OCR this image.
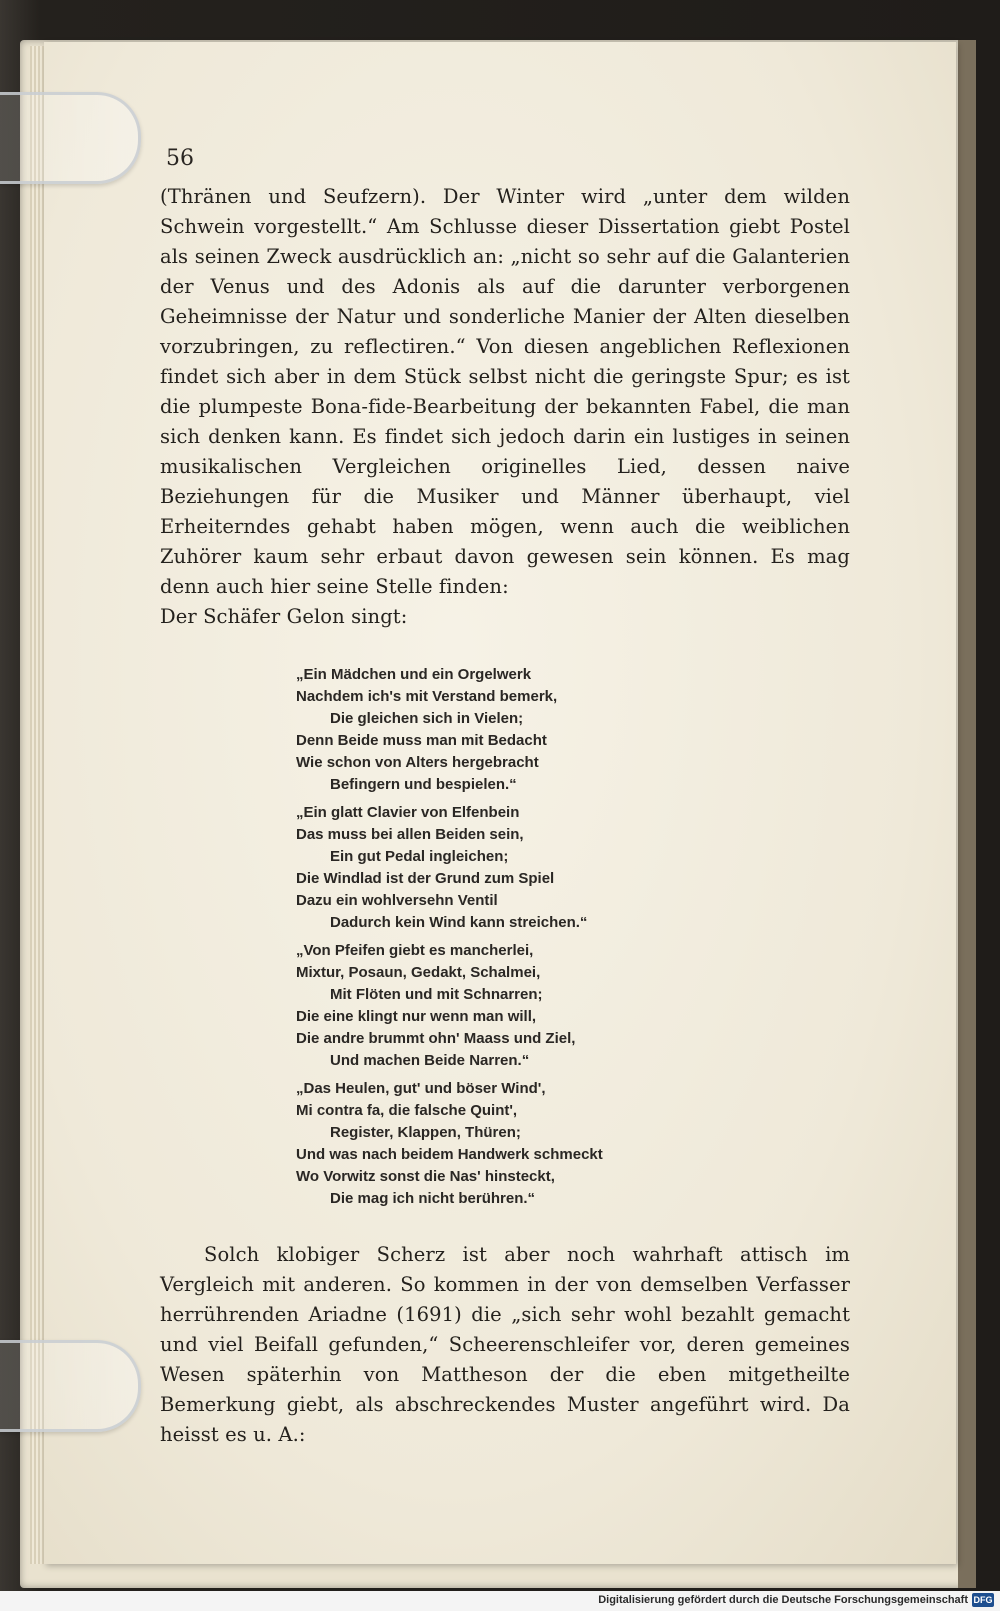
56

(Thränen und Seufzern). Der Winter wird „unter dem wilden Schwein vorgestellt.“ Am Schlusse dieser Dissertation giebt Postel als seinen Zweck ausdrücklich an: „nicht so sehr auf die Galanterien der Venus und des Adonis als auf die darunter verborgenen Geheimnisse der Natur und sonderliche Manier der Alten dieselben vorzubringen, zu reflectiren.“ Von diesen angeblichen Reflexionen findet sich aber in dem Stück selbst nicht die geringste Spur; es ist die plumpeste Bona-fide-Bearbeitung der bekannten Fabel, die man sich denken kann. Es findet sich jedoch darin ein lustiges in seinen musikalischen Vergleichen originelles Lied, dessen naive Beziehungen für die Musiker und Männer überhaupt, viel Erheiterndes gehabt haben mögen, wenn auch die weiblichen Zuhörer kaum sehr erbaut davon gewesen sein können. Es mag denn auch hier seine Stelle finden:

Der Schäfer Gelon singt:

„Ein Mädchen und ein Orgelwerk
Nachdem ich's mit Verstand bemerk,
Die gleichen sich in Vielen;
Denn Beide muss man mit Bedacht
Wie schon von Alters hergebracht
Befingern und bespielen.“
„Ein glatt Clavier von Elfenbein
Das muss bei allen Beiden sein,
Ein gut Pedal ingleichen;
Die Windlad ist der Grund zum Spiel
Dazu ein wohlversehn Ventil
Dadurch kein Wind kann streichen.“
„Von Pfeifen giebt es mancherlei,
Mixtur, Posaun, Gedakt, Schalmei,
Mit Flöten und mit Schnarren;
Die eine klingt nur wenn man will,
Die andre brummt ohn' Maass und Ziel,
Und machen Beide Narren.“
„Das Heulen, gut' und böser Wind',
Mi contra fa, die falsche Quint',
Register, Klappen, Thüren;
Und was nach beidem Handwerk schmeckt
Wo Vorwitz sonst die Nas' hinsteckt,
Die mag ich nicht berühren.“

Solch klobiger Scherz ist aber noch wahrhaft attisch im Vergleich mit anderen. So kommen in der von demselben Verfasser herrührenden Ariadne (1691) die „sich sehr wohl bezahlt gemacht und viel Beifall gefunden,“ Scheerenschleifer vor, deren gemeines Wesen späterhin von Mattheson der die eben mitgetheilte Bemerkung giebt, als abschreckendes Muster angeführt wird. Da heisst es u. A.:

Digitalisierung gefördert durch die Deutsche Forschungsgemeinschaft DFG
